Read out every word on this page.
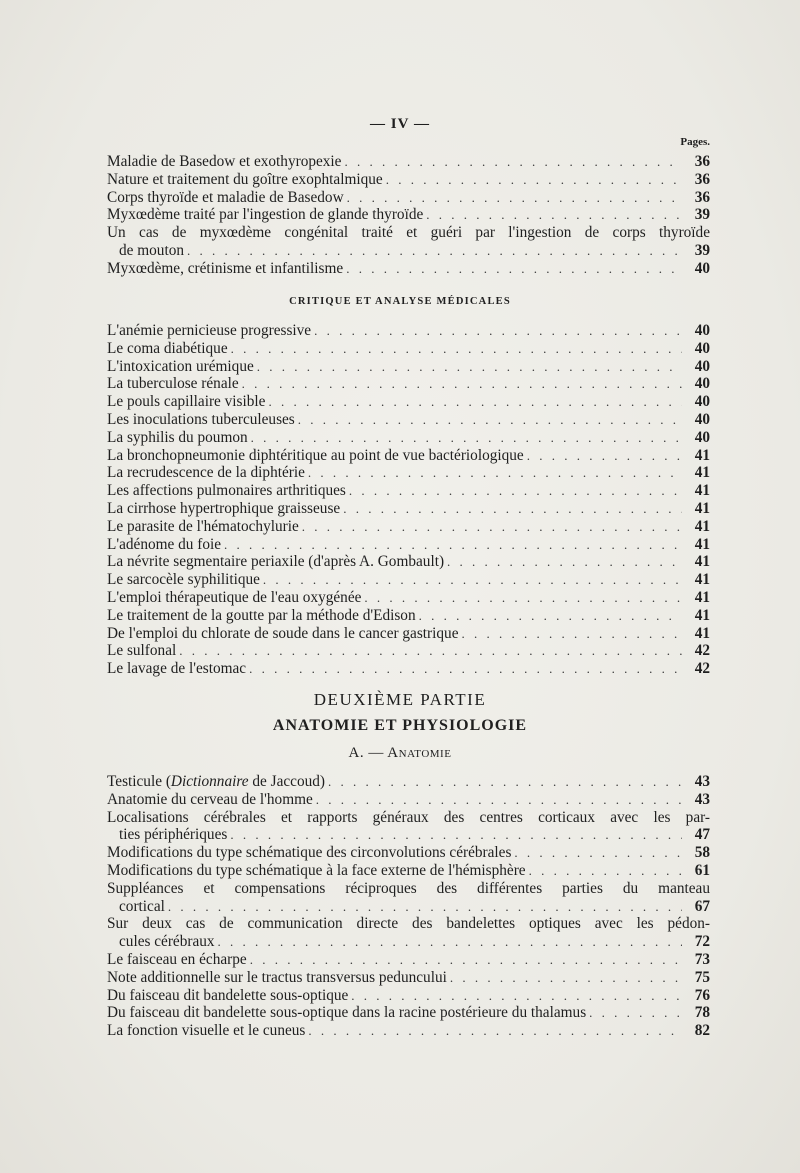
— IV —
Pages.
Maladie de Basedow et exothyropexie . . .	36
Nature et traitement du goître exophtalmique . . .	36
Corps thyroïde et maladie de Basedow . . .	36
Myxœdème traité par l'ingestion de glande thyroïde . . .	39
Un cas de myxœdème congénital traité et guéri par l'ingestion de corps thyroïde
de mouton . . .	39
Myxœdème, crétinisme et infantilisme . . .	40
CRITIQUE ET ANALYSE MÉDICALES
L'anémie pernicieuse progressive . . .	40
Le coma diabétique . . .	40
L'intoxication urémique . . .	40
La tuberculose rénale . . .	40
Le pouls capillaire visible . . .	40
Les inoculations tuberculeuses . . .	40
La syphilis du poumon . . .	40
La bronchopneumonie diphtéritique au point de vue bactériologique . . .	41
La recrudescence de la diphtérie . . .	41
Les affections pulmonaires arthritiques . . .	41
La cirrhose hypertrophique graisseuse . . .	41
Le parasite de l'hématochylurie . . .	41
L'adénome du foie . . .	41
La névrite segmentaire periaxile (d'après A. Gombault) . . .	41
Le sarcocèle syphilitique . . .	41
L'emploi thérapeutique de l'eau oxygénée . . .	41
Le traitement de la goutte par la méthode d'Edison . . .	41
De l'emploi du chlorate de soude dans le cancer gastrique . . .	41
Le sulfonal . . .	42
Le lavage de l'estomac . . .	42
DEUXIÈME PARTIE
ANATOMIE ET PHYSIOLOGIE
A. — Anatomie
Testicule (Dictionnaire de Jaccoud) . . .	43
Anatomie du cerveau de l'homme . . .	43
Localisations cérébrales et rapports généraux des centres corticaux avec les par-
ties périphériques . . .	47
Modifications du type schématique des circonvolutions cérébrales . . .	58
Modifications du type schématique à la face externe de l'hémisphère . . .	61
Suppléances et compensations réciproques des différentes parties du manteau
cortical . . .	67
Sur deux cas de communication directe des bandelettes optiques avec les pédon-
cules cérébraux . . .	72
Le faisceau en écharpe . . .	73
Note additionnelle sur le tractus transversus peduncului . . .	75
Du faisceau dit bandelette sous-optique . . .	76
Du faisceau dit bandelette sous-optique dans la racine postérieure du thalamus . . .	78
La fonction visuelle et le cuneus . . .	82
